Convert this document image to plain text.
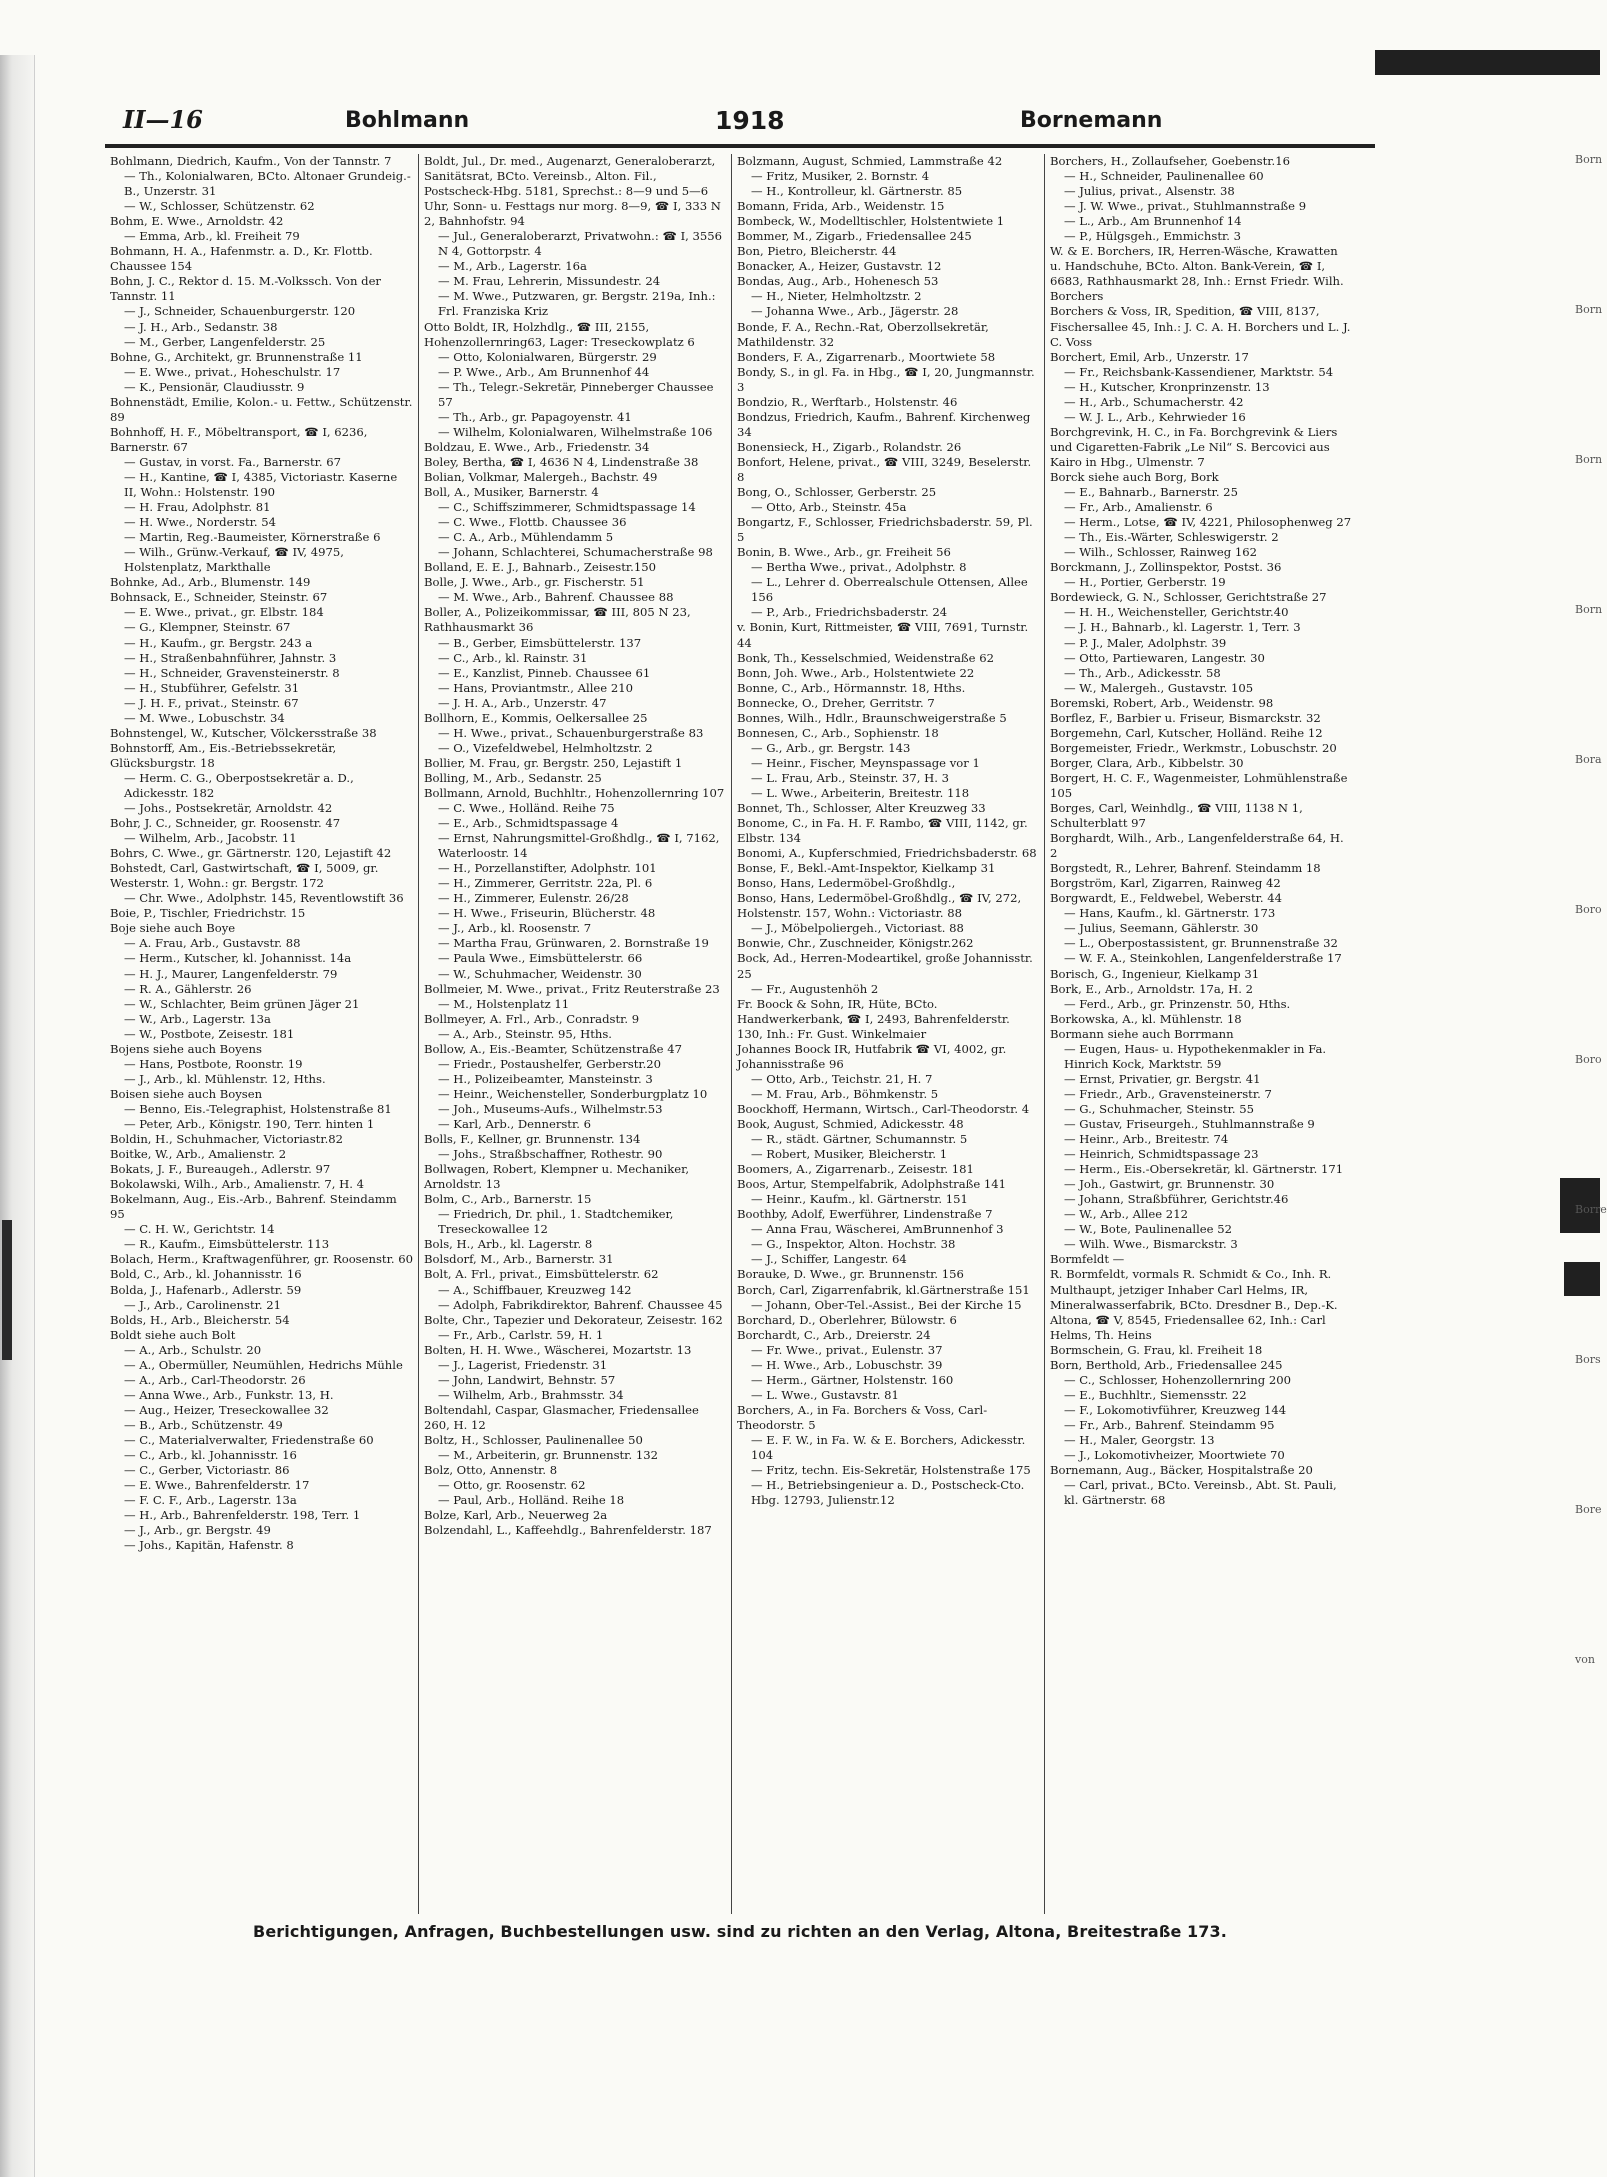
II—16	Bohlmann	1918	Bornemann
Bohlmann, Diedrich, Kaufm., Von der Tannstr. 7
— Th., Kolonialwaren, BCto. Altonaer Grundeig.-B., Unzerstr. 31
— W., Schlosser, Schützenstr. 62
Bohm, E. Wwe., Arnoldstr. 42
— Emma, Arb., kl. Freiheit 79
Bohmann, H. A., Hafenmstr. a. D., Kr. Flottb. Chaussee 154
Bohn, J. C., Rektor d. 15. M.-Volkssch. Von der Tannstr. 11
— J., Schneider, Schauenburgerstr. 120
— J. H., Arb., Sedanstr. 38
— M., Gerber, Langenfelderstr. 25
Bohne, G., Architekt, gr. Brunnenstraße 11
— E. Wwe., privat., Hoheschulstr. 17
— K., Pensionär, Claudiusstr. 9
Bohnenstädt, Emilie, Kolon.- u. Fettw., Schützenstr. 89
Bohnhoff, H. F., Möbeltransport, ☎ I, 6236, Barnerstr. 67
— Gustav, in vorst. Fa., Barnerstr. 67
— H., Kantine, ☎ I, 4385, Victoriastr. Kaserne II, Wohn.: Holstenstr. 190
— H. Frau, Adolphstr. 81
— H. Wwe., Norderstr. 54
— Martin, Reg.-Baumeister, Körnerstraße 6
— Wilh., Grünw.-Verkauf, ☎ IV, 4975, Holstenplatz, Markthalle
Bohnke, Ad., Arb., Blumenstr. 149
Bohnsack, E., Schneider, Steinstr. 67
— E. Wwe., privat., gr. Elbstr. 184
— G., Klempner, Steinstr. 67
— H., Kaufm., gr. Bergstr. 243 a
— H., Straßenbahnführer, Jahnstr. 3
— H., Schneider, Gravensteinerstr. 8
— H., Stubführer, Gefelstr. 31
— J. H. F., privat., Steinstr. 67
— M. Wwe., Lobuschstr. 34
Bohnstengel, W., Kutscher, Völckersstraße 38
Bohnstorff, Am., Eis.-Betriebssekretär, Glücksburgstr. 18
— Herm. C. G., Oberpostsekretär a. D., Adickesstr. 182
— Johs., Postsekretär, Arnoldstr. 42
Bohr, J. C., Schneider, gr. Roosenstr. 47
— Wilhelm, Arb., Jacobstr. 11
Bohrs, C. Wwe., gr. Gärtnerstr. 120, Lejastift 42
Bohstedt, Carl, Gastwirtschaft, ☎ I, 5009, gr. Westerstr. 1, Wohn.: gr. Bergstr. 172
— Chr. Wwe., Adolphstr. 145, Reventlowstift 36
Boie, P., Tischler, Friedrichstr. 15
Boje siehe auch Boye
— A. Frau, Arb., Gustavstr. 88
— Herm., Kutscher, kl. Johannisst. 14a
— H. J., Maurer, Langenfelderstr. 79
— R. A., Gählerstr. 26
— W., Schlachter, Beim grünen Jäger 21
— W., Arb., Lagerstr. 13a
— W., Postbote, Zeisestr. 181
Bojens siehe auch Boyens
— Hans, Postbote, Roonstr. 19
— J., Arb., kl. Mühlenstr. 12, Hths.
Boisen siehe auch Boysen
— Benno, Eis.-Telegraphist, Holstenstraße 81
— Peter, Arb., Königstr. 190, Terr. hinten 1
Boldin, H., Schuhmacher, Victoriastr.82
Boitke, W., Arb., Amalienstr. 2
Bokats, J. F., Bureaugeh., Adlerstr. 97
Bokolawski, Wilh., Arb., Amalienstr. 7, H. 4
Bokelmann, Aug., Eis.-Arb., Bahrenf. Steindamm 95
— C. H. W., Gerichtstr. 14
— R., Kaufm., Eimsbüttelerstr. 113
Bolach, Herm., Kraftwagenführer, gr. Roosenstr. 60
Bold, C., Arb., kl. Johannisstr. 16
Bolda, J., Hafenarb., Adlerstr. 59
— J., Arb., Carolinenstr. 21
Bolds, H., Arb., Bleicherstr. 54
Boldt siehe auch Bolt
— A., Arb., Schulstr. 20
— A., Obermüller, Neumühlen, Hedrichs Mühle
— A., Arb., Carl-Theodorstr. 26
— Anna Wwe., Arb., Funkstr. 13, H.
— Aug., Heizer, Treseckowallee 32
— B., Arb., Schützenstr. 49
— C., Materialverwalter, Friedenstraße 60
— C., Arb., kl. Johannisstr. 16
— C., Gerber, Victoriastr. 86
— E. Wwe., Bahrenfelderstr. 17
— F. C. F., Arb., Lagerstr. 13a
— H., Arb., Bahrenfelderstr. 198, Terr. 1
— J., Arb., gr. Bergstr. 49
— Johs., Kapitän, Hafenstr. 8
Boldt, Jul., Dr. med., Augenarzt, Generaloberarzt, Sanitätsrat, BCto. Vereinsb., Alton. Fil., Postscheck-Hbg. 5181, Sprechst.: 8—9 und 5—6 Uhr, Sonn- u. Festtags nur morg. 8—9, ☎ I, 333 N 2, Bahnhofstr. 94
— Jul., Generaloberarzt, Privatwohn.: ☎ I, 3556 N 4, Gottorpstr. 4
— M., Arb., Lagerstr. 16a
— M. Frau, Lehrerin, Missundestr. 24
— M. Wwe., Putzwaren, gr. Bergstr. 219a, Inh.: Frl. Franziska Kriz
Otto Boldt, IR, Holzhdlg., ☎ III, 2155, Hohenzollernring63, Lager: Treseckowplatz 6
— Otto, Kolonialwaren, Bürgerstr. 29
— P. Wwe., Arb., Am Brunnenhof 44
— Th., Telegr.-Sekretär, Pinneberger Chaussee 57
— Th., Arb., gr. Papagoyenstr. 41
— Wilhelm, Kolonialwaren, Wilhelmstraße 106
Boldzau, E. Wwe., Arb., Friedenstr. 34
Boley, Bertha, ☎ I, 4636 N 4, Lindenstraße 38
Bolian, Volkmar, Malergeh., Bachstr. 49
Boll, A., Musiker, Barnerstr. 4
— C., Schiffszimmerer, Schmidtspassage 14
— C. Wwe., Flottb. Chaussee 36
— C. A., Arb., Mühlendamm 5
— Johann, Schlachterei, Schumacherstraße 98
Bolland, E. E. J., Bahnarb., Zeisestr.150
Bolle, J. Wwe., Arb., gr. Fischerstr. 51
— M. Wwe., Arb., Bahrenf. Chaussee 88
Boller, A., Polizeikommissar, ☎ III, 805 N 23, Rathhausmarkt 36
— B., Gerber, Eimsbüttelerstr. 137
— C., Arb., kl. Rainstr. 31
— E., Kanzlist, Pinneb. Chaussee 61
— Hans, Proviantmstr., Allee 210
— J. H. A., Arb., Unzerstr. 47
Bollhorn, E., Kommis, Oelkersallee 25
— H. Wwe., privat., Schauenburgerstraße 83
— O., Vizefeldwebel, Helmholtzstr. 2
Bollier, M. Frau, gr. Bergstr. 250, Lejastift 1
Bolling, M., Arb., Sedanstr. 25
Bollmann, Arnold, Buchhltr., Hohenzollernring 107
— C. Wwe., Holländ. Reihe 75
— E., Arb., Schmidtspassage 4
— Ernst, Nahrungsmittel-Großhdlg., ☎ I, 7162, Waterloostr. 14
— H., Porzellanstifter, Adolphstr. 101
— H., Zimmerer, Gerritstr. 22a, Pl. 6
— H., Zimmerer, Eulenstr. 26/28
— H. Wwe., Friseurin, Blücherstr. 48
— J., Arb., kl. Roosenstr. 7
— Martha Frau, Grünwaren, 2. Bornstraße 19
— Paula Wwe., Eimsbüttelerstr. 66
— W., Schuhmacher, Weidenstr. 30
Bollmeier, M. Wwe., privat., Fritz Reuterstraße 23
— M., Holstenplatz 11
Bollmeyer, A. Frl., Arb., Conradstr. 9
— A., Arb., Steinstr. 95, Hths.
Bollow, A., Eis.-Beamter, Schützenstraße 47
— Friedr., Postaushelfer, Gerberstr.20
— H., Polizeibeamter, Mansteinstr. 3
— Heinr., Weichensteller, Sonderburgplatz 10
— Joh., Museums-Aufs., Wilhelmstr.53
— Karl, Arb., Dennerstr. 6
Bolls, F., Kellner, gr. Brunnenstr. 134
— Johs., Straßbschaffner, Rothestr. 90
Bollwagen, Robert, Klempner u. Mechaniker, Arnoldstr. 13
Bolm, C., Arb., Barnerstr. 15
— Friedrich, Dr. phil., 1. Stadtchemiker, Treseckowallee 12
Bols, H., Arb., kl. Lagerstr. 8
Bolsdorf, M., Arb., Barnerstr. 31
Bolt, A. Frl., privat., Eimsbüttelerstr. 62
— A., Schiffbauer, Kreuzweg 142
— Adolph, Fabrikdirektor, Bahrenf. Chaussee 45
Bolte, Chr., Tapezier und Dekorateur, Zeisestr. 162
— Fr., Arb., Carlstr. 59, H. 1
Bolten, H. H. Wwe., Wäscherei, Mozartstr. 13
— J., Lagerist, Friedenstr. 31
— John, Landwirt, Behnstr. 57
— Wilhelm, Arb., Brahmsstr. 34
Boltendahl, Caspar, Glasmacher, Friedensallee 260, H. 12
Boltz, H., Schlosser, Paulinenallee 50
— M., Arbeiterin, gr. Brunnenstr. 132
Bolz, Otto, Annenstr. 8
— Otto, gr. Roosenstr. 62
— Paul, Arb., Holländ. Reihe 18
Bolze, Karl, Arb., Neuerweg 2a
Bolzendahl, L., Kaffeehdlg., Bahrenfelderstr. 187
Bolzmann, August, Schmied, Lammstraße 42
— Fritz, Musiker, 2. Bornstr. 4
— H., Kontrolleur, kl. Gärtnerstr. 85
Bomann, Frida, Arb., Weidenstr. 15
Bombeck, W., Modelltischler, Holstentwiete 1
Bommer, M., Zigarb., Friedensallee 245
Bon, Pietro, Bleicherstr. 44
Bonacker, A., Heizer, Gustavstr. 12
Bondas, Aug., Arb., Hohenesch 53
— H., Nieter, Helmholtzstr. 2
— Johanna Wwe., Arb., Jägerstr. 28
Bonde, F. A., Rechn.-Rat, Oberzollsekretär, Mathildenstr. 32
Bonders, F. A., Zigarrenarb., Moortwiete 58
Bondy, S., in gl. Fa. in Hbg., ☎ I, 20, Jungmannstr. 3
Bondzio, R., Werftarb., Holstenstr. 46
Bondzus, Friedrich, Kaufm., Bahrenf. Kirchenweg 34
Bonensieck, H., Zigarb., Rolandstr. 26
Bonfort, Helene, privat., ☎ VIII, 3249, Beselerstr. 8
Bong, O., Schlosser, Gerberstr. 25
— Otto, Arb., Steinstr. 45a
Bongartz, F., Schlosser, Friedrichsbaderstr. 59, Pl. 5
Bonin, B. Wwe., Arb., gr. Freiheit 56
— Bertha Wwe., privat., Adolphstr. 8
— L., Lehrer d. Oberrealschule Ottensen, Allee 156
— P., Arb., Friedrichsbaderstr. 24
v. Bonin, Kurt, Rittmeister, ☎ VIII, 7691, Turnstr. 44
Bonk, Th., Kesselschmied, Weidenstraße 62
Bonn, Joh. Wwe., Arb., Holstentwiete 22
Bonne, C., Arb., Hörmannstr. 18, Hths.
Bonnecke, O., Dreher, Gerritstr. 7
Bonnes, Wilh., Hdlr., Braunschweigerstraße 5
Bonnesen, C., Arb., Sophienstr. 18
— G., Arb., gr. Bergstr. 143
— Heinr., Fischer, Meynspassage vor 1
— L. Frau, Arb., Steinstr. 37, H. 3
— L. Wwe., Arbeiterin, Breitestr. 118
Bonnet, Th., Schlosser, Alter Kreuzweg 33
Bonome, C., in Fa. H. F. Rambo, ☎ VIII, 1142, gr. Elbstr. 134
Bonomi, A., Kupferschmied, Friedrichsbaderstr. 68
Bonse, F., Bekl.-Amt-Inspektor, Kielkamp 31
Bonso, Hans, Ledermöbel-Großhdlg.,
Bonso, Hans, Ledermöbel-Großhdlg., ☎ IV, 272, Holstenstr. 157, Wohn.: Victoriastr. 88
— J., Möbelpoliergeh., Victoriast. 88
Bonwie, Chr., Zuschneider, Königstr.262
Bock, Ad., Herren-Modeartikel, große Johannisstr. 25
— Fr., Augustenhöh 2
Fr. Boock & Sohn, IR, Hüte, BCto. Handwerkerbank, ☎ I, 2493, Bahrenfelderstr. 130, Inh.: Fr. Gust. Winkelmaier
Johannes Boock IR, Hutfabrik ☎ VI, 4002, gr. Johannisstraße 96
— Otto, Arb., Teichstr. 21, H. 7
— M. Frau, Arb., Böhmkenstr. 5
Boockhoff, Hermann, Wirtsch., Carl-Theodorstr. 4
Book, August, Schmied, Adickesstr. 48
— R., städt. Gärtner, Schumannstr. 5
— Robert, Musiker, Bleicherstr. 1
Boomers, A., Zigarrenarb., Zeisestr. 181
Boos, Artur, Stempelfabrik, Adolphstraße 141
— Heinr., Kaufm., kl. Gärtnerstr. 151
Boothby, Adolf, Ewerführer, Lindenstraße 7
— Anna Frau, Wäscherei, AmBrunnenhof 3
— G., Inspektor, Alton. Hochstr. 38
— J., Schiffer, Langestr. 64
Borauke, D. Wwe., gr. Brunnenstr. 156
Borch, Carl, Zigarrenfabrik, kl.Gärtnerstraße 151
— Johann, Ober-Tel.-Assist., Bei der Kirche 15
Borchard, D., Oberlehrer, Bülowstr. 6
Borchardt, C., Arb., Dreierstr. 24
— Fr. Wwe., privat., Eulenstr. 37
— H. Wwe., Arb., Lobuschstr. 39
— Herm., Gärtner, Holstenstr. 160
— L. Wwe., Gustavstr. 81
Borchers, A., in Fa. Borchers & Voss, Carl-Theodorstr. 5
— E. F. W., in Fa. W. & E. Borchers, Adickesstr. 104
— Fritz, techn. Eis-Sekretär, Holstenstraße 175
— H., Betriebsingenieur a. D., Postscheck-Cto. Hbg. 12793, Julienstr.12
Borchers, H., Zollaufseher, Goebenstr.16
— H., Schneider, Paulinenallee 60
— Julius, privat., Alsenstr. 38
— J. W. Wwe., privat., Stuhlmannstraße 9
— L., Arb., Am Brunnenhof 14
— P., Hülgsgeh., Emmichstr. 3
W. & E. Borchers, IR, Herren-Wäsche, Krawatten u. Handschuhe, BCto. Alton. Bank-Verein, ☎ I, 6683, Rathhausmarkt 28, Inh.: Ernst Friedr. Wilh. Borchers
Borchers & Voss, IR, Spedition, ☎ VIII, 8137, Fischersallee 45, Inh.: J. C. A. H. Borchers und L. J. C. Voss
Borchert, Emil, Arb., Unzerstr. 17
— Fr., Reichsbank-Kassendiener, Marktstr. 54
— H., Kutscher, Kronprinzenstr. 13
— H., Arb., Schumacherstr. 42
— W. J. L., Arb., Kehrwieder 16
Borchgrevink, H. C., in Fa. Borchgrevink & Liers und Cigaretten-Fabrik „Le Nil“ S. Bercovici aus Kairo in Hbg., Ulmenstr. 7
Borck siehe auch Borg, Bork
— E., Bahnarb., Barnerstr. 25
— Fr., Arb., Amalienstr. 6
— Herm., Lotse, ☎ IV, 4221, Philosophenweg 27
— Th., Eis.-Wärter, Schleswigerstr. 2
— Wilh., Schlosser, Rainweg 162
Borckmann, J., Zollinspektor, Postst. 36
— H., Portier, Gerberstr. 19
Bordewieck, G. N., Schlosser, Gerichtstraße 27
— H. H., Weichensteller, Gerichtstr.40
— J. H., Bahnarb., kl. Lagerstr. 1, Terr. 3
— P. J., Maler, Adolphstr. 39
— Otto, Partiewaren, Langestr. 30
— Th., Arb., Adickesstr. 58
— W., Malergeh., Gustavstr. 105
Boremski, Robert, Arb., Weidenstr. 98
Borflez, F., Barbier u. Friseur, Bismarckstr. 32
Borgemehn, Carl, Kutscher, Holländ. Reihe 12
Borgemeister, Friedr., Werkmstr., Lobuschstr. 20
Borger, Clara, Arb., Kibbelstr. 30
Borgert, H. C. F., Wagenmeister, Lohmühlenstraße 105
Borges, Carl, Weinhdlg., ☎ VIII, 1138 N 1, Schulterblatt 97
Borghardt, Wilh., Arb., Langenfelderstraße 64, H. 2
Borgstedt, R., Lehrer, Bahrenf. Steindamm 18
Borgström, Karl, Zigarren, Rainweg 42
Borgwardt, E., Feldwebel, Weberstr. 44
— Hans, Kaufm., kl. Gärtnerstr. 173
— Julius, Seemann, Gählerstr. 30
— L., Oberpostassistent, gr. Brunnenstraße 32
— W. F. A., Steinkohlen, Langenfelderstraße 17
Borisch, G., Ingenieur, Kielkamp 31
Bork, E., Arb., Arnoldstr. 17a, H. 2
— Ferd., Arb., gr. Prinzenstr. 50, Hths.
Borkowska, A., kl. Mühlenstr. 18
Bormann siehe auch Borrmann
— Eugen, Haus- u. Hypothekenmakler in Fa. Hinrich Kock, Marktstr. 59
— Ernst, Privatier, gr. Bergstr. 41
— Friedr., Arb., Gravensteinerstr. 7
— G., Schuhmacher, Steinstr. 55
— Gustav, Friseurgeh., Stuhlmannstraße 9
— Heinr., Arb., Breitestr. 74
— Heinrich, Schmidtspassage 23
— Herm., Eis.-Obersekretär, kl. Gärtnerstr. 171
— Joh., Gastwirt, gr. Brunnenstr. 30
— Johann, Straßbführer, Gerichtstr.46
— W., Arb., Allee 212
— W., Bote, Paulinenallee 52
— Wilh. Wwe., Bismarckstr. 3
Bormfeldt —
R. Bormfeldt, vormals R. Schmidt & Co., Inh. R. Multhaupt, jetziger Inhaber Carl Helms, IR, Mineralwasserfabrik, BCto. Dresdner B., Dep.-K. Altona, ☎ V, 8545, Friedensallee 62, Inh.: Carl Helms, Th. Heins
Bormschein, G. Frau, kl. Freiheit 18
Born, Berthold, Arb., Friedensallee 245
— C., Schlosser, Hohenzollernring 200
— E., Buchhltr., Siemensstr. 22
— F., Lokomotivführer, Kreuzweg 144
— Fr., Arb., Bahrenf. Steindamm 95
— H., Maler, Georgstr. 13
— J., Lokomotivheizer, Moortwiete 70
Bornemann, Aug., Bäcker, Hospitalstraße 20
— Carl, privat., BCto. Vereinsb., Abt. St. Pauli, kl. Gärtnerstr. 68
Berichtigungen, Anfragen, Buchbestellungen usw. sind zu richten an den Verlag, Altona, Breitestraße 173.
Born
Born
Born
Born
Bora
Boro
Boro
Borre
Bors
Bore
von
